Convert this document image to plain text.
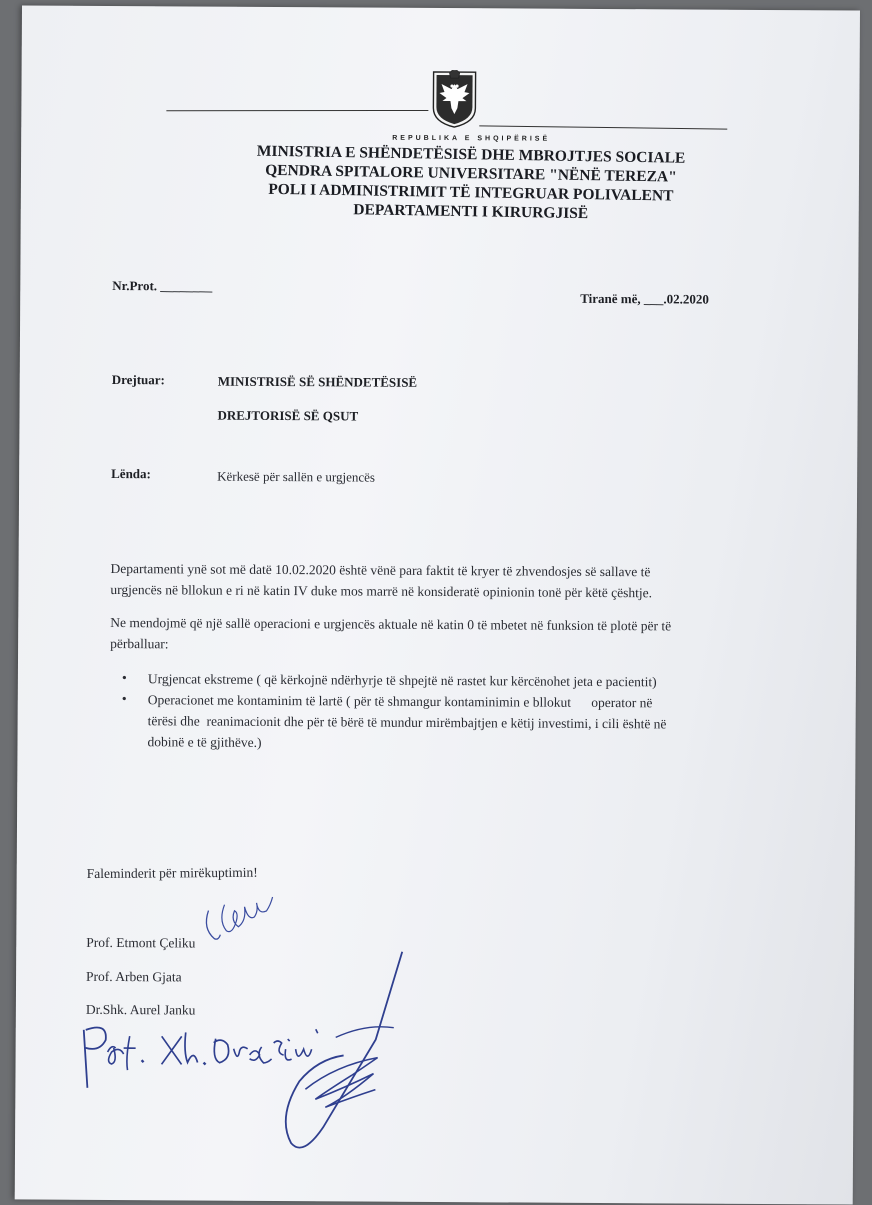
REPUBLIKA E SHQIPËRISË
MINISTRIA E SHËNDETËSISË DHE MBROJTJES SOCIALE
QENDRA SPITALORE UNIVERSITARE "NËNË TEREZA"
POLI I ADMINISTRIMIT TË INTEGRUAR POLIVALENT
DEPARTAMENTI I KIRURGJISË
Nr.Prot. ________
Tiranë më, ___.02.2020
Drejtuar:	MINISTRISË SË SHËNDETËSISË
DREJTORISË SË QSUT
Lënda:	Kërkesë për sallën e urgjencës
Departamenti ynë sot më datë 10.02.2020 është vënë para faktit të kryer të zhvendosjes së sallave të
urgjencës në bllokun e ri në katin IV duke mos marrë në konsideratë opinionin tonë për këtë çështje.
Ne mendojmë që një sallë operacioni e urgjencës aktuale në katin 0 të mbetet në funksion të plotë për të
përballuar:
• Urgjencat ekstreme ( që kërkojnë ndërhyrje të shpejtë në rastet kur kërcënohet jeta e pacientit)
• Operacionet me kontaminim të lartë ( për të shmangur kontaminimin e bllokut      operator në
tërësi dhe  reanimacionit dhe për të bërë të mundur mirëmbajtjen e këtij investimi, i cili është në
dobinë e të gjithëve.)
Faleminderit për mirëkuptimin!
Prof. Etmont Çeliku
Prof. Arben Gjata
Dr.Shk. Aurel Janku
